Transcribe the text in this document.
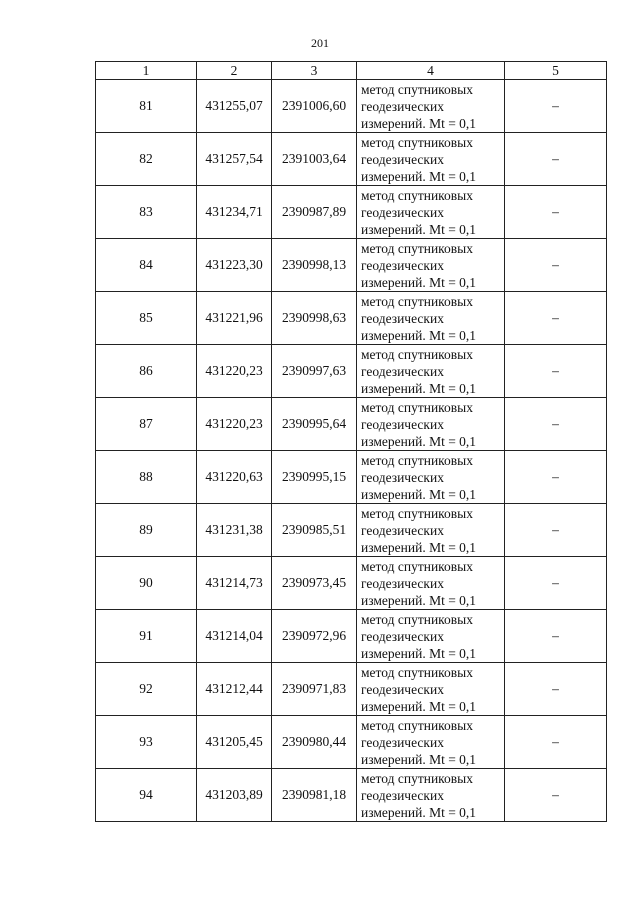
201
1	2	3	4	5
81	431255,07	2391006,60	метод спутниковых
геодезических
измерений. Mt = 0,1	–
82	431257,54	2391003,64	метод спутниковых
геодезических
измерений. Mt = 0,1	–
83	431234,71	2390987,89	метод спутниковых
геодезических
измерений. Mt = 0,1	–
84	431223,30	2390998,13	метод спутниковых
геодезических
измерений. Mt = 0,1	–
85	431221,96	2390998,63	метод спутниковых
геодезических
измерений. Mt = 0,1	–
86	431220,23	2390997,63	метод спутниковых
геодезических
измерений. Mt = 0,1	–
87	431220,23	2390995,64	метод спутниковых
геодезических
измерений. Mt = 0,1	–
88	431220,63	2390995,15	метод спутниковых
геодезических
измерений. Mt = 0,1	–
89	431231,38	2390985,51	метод спутниковых
геодезических
измерений. Mt = 0,1	–
90	431214,73	2390973,45	метод спутниковых
геодезических
измерений. Mt = 0,1	–
91	431214,04	2390972,96	метод спутниковых
геодезических
измерений. Mt = 0,1	–
92	431212,44	2390971,83	метод спутниковых
геодезических
измерений. Mt = 0,1	–
93	431205,45	2390980,44	метод спутниковых
геодезических
измерений. Mt = 0,1	–
94	431203,89	2390981,18	метод спутниковых
геодезических
измерений. Mt = 0,1	–
